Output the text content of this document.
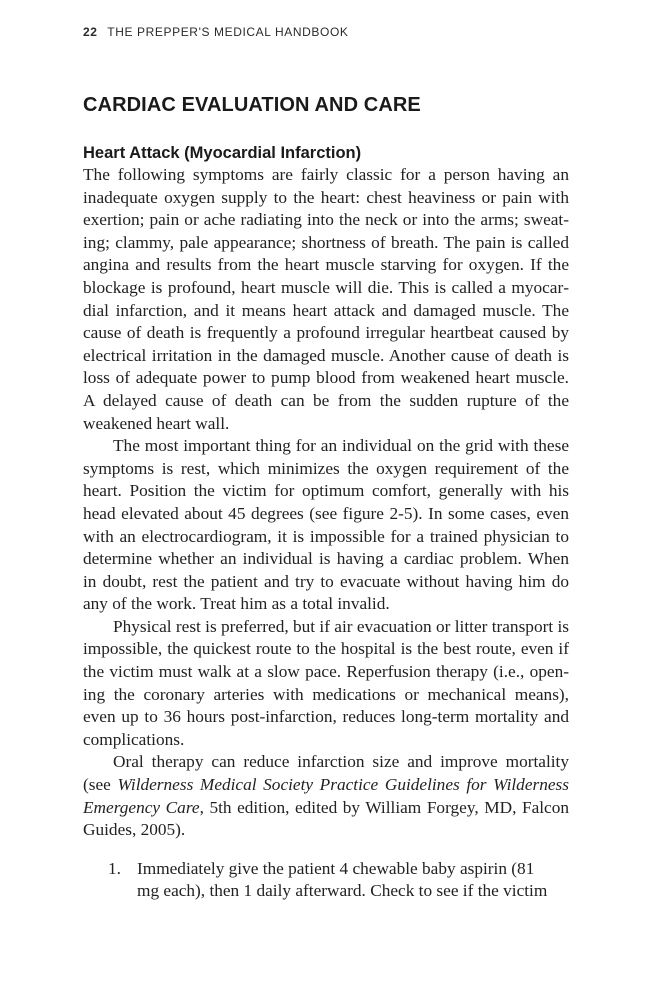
22 THE PREPPER'S MEDICAL HANDBOOK
CARDIAC EVALUATION AND CARE
Heart Attack (Myocardial Infarction)

The following symptoms are fairly classic for a person having an inadequate oxygen supply to the heart: chest heaviness or pain with exertion; pain or ache radiating into the neck or into the arms; sweating; clammy, pale appearance; shortness of breath. The pain is called angina and results from the heart muscle starving for oxygen. If the blockage is profound, heart muscle will die. This is called a myocardial infarction, and it means heart attack and damaged muscle. The cause of death is frequently a profound irregular heartbeat caused by electrical irritation in the damaged muscle. Another cause of death is loss of adequate power to pump blood from weakened heart muscle. A delayed cause of death can be from the sudden rupture of the weakened heart wall.

The most important thing for an individual on the grid with these symptoms is rest, which minimizes the oxygen requirement of the heart. Position the victim for optimum comfort, generally with his head elevated about 45 degrees (see figure 2-5). In some cases, even with an electrocardiogram, it is impossible for a trained physician to determine whether an individual is having a cardiac problem. When in doubt, rest the patient and try to evacuate without having him do any of the work. Treat him as a total invalid.

Physical rest is preferred, but if air evacuation or litter transport is impossible, the quickest route to the hospital is the best route, even if the victim must walk at a slow pace. Reperfusion therapy (i.e., opening the coronary arteries with medications or mechanical means), even up to 36 hours post-infarction, reduces long-term mortality and complications.

Oral therapy can reduce infarction size and improve mortality (see Wilderness Medical Society Practice Guidelines for Wilderness Emergency Care, 5th edition, edited by William Forgey, MD, Falcon Guides, 2005).

1. Immediately give the patient 4 chewable baby aspirin (81 mg each), then 1 daily afterward. Check to see if the victim
